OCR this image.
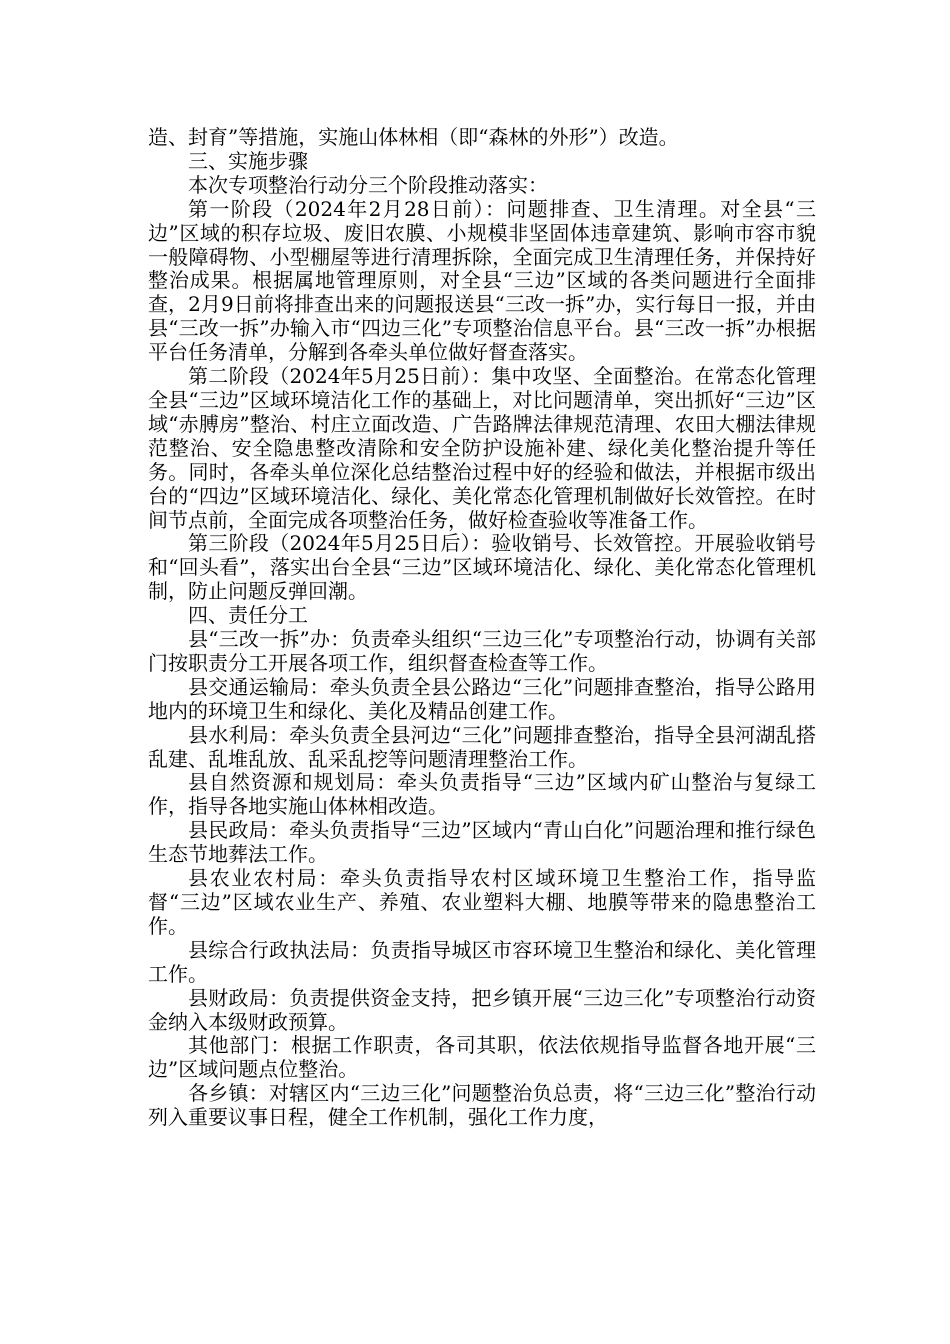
造、封育”等措施，实施山体林相（即“森林的外形”）改造。

三、实施步骤

本次专项整治行动分三个阶段推动落实：

第一阶段（2024年2月28日前）：问题排查、卫生清理。对全县“三边”区域的积存垃圾、废旧农膜、小规模非坚固体违章建筑、影响市容市貌一般障碍物、小型棚屋等进行清理拆除，全面完成卫生清理任务，并保持好整治成果。根据属地管理原则，对全县“三边”区域的各类问题进行全面排查，2月9日前将排查出来的问题报送县“三改一拆”办，实行每日一报，并由县“三改一拆”办输入市“四边三化”专项整治信息平台。县“三改一拆”办根据平台任务清单，分解到各牵头单位做好督查落实。

第二阶段（2024年5月25日前）：集中攻坚、全面整治。在常态化管理全县“三边”区域环境洁化工作的基础上，对比问题清单，突出抓好“三边”区域“赤膊房”整治、村庄立面改造、广告路牌法律规范清理、农田大棚法律规范整治、安全隐患整改清除和安全防护设施补建、绿化美化整治提升等任务。同时，各牵头单位深化总结整治过程中好的经验和做法，并根据市级出台的“四边”区域环境洁化、绿化、美化常态化管理机制做好长效管控。在时间节点前，全面完成各项整治任务，做好检查验收等准备工作。

第三阶段（2024年5月25日后）：验收销号、长效管控。开展验收销号和“回头看”，落实出台全县“三边”区域环境洁化、绿化、美化常态化管理机制，防止问题反弹回潮。

四、责任分工

县“三改一拆”办：负责牵头组织“三边三化”专项整治行动，协调有关部门按职责分工开展各项工作，组织督查检查等工作。

县交通运输局：牵头负责全县公路边“三化”问题排查整治，指导公路用地内的环境卫生和绿化、美化及精品创建工作。

县水利局：牵头负责全县河边“三化”问题排查整治，指导全县河湖乱搭乱建、乱堆乱放、乱采乱挖等问题清理整治工作。

县自然资源和规划局：牵头负责指导“三边”区域内矿山整治与复绿工作，指导各地实施山体林相改造。

县民政局：牵头负责指导“三边”区域内“青山白化”问题治理和推行绿色生态节地葬法工作。

县农业农村局：牵头负责指导农村区域环境卫生整治工作，指导监督“三边”区域农业生产、养殖、农业塑料大棚、地膜等带来的隐患整治工作。

县综合行政执法局：负责指导城区市容环境卫生整治和绿化、美化管理工作。

县财政局：负责提供资金支持，把乡镇开展“三边三化”专项整治行动资金纳入本级财政预算。

其他部门：根据工作职责，各司其职，依法依规指导监督各地开展“三边”区域问题点位整治。

各乡镇：对辖区内“三边三化”问题整治负总责，将“三边三化”整治行动列入重要议事日程，健全工作机制，强化工作力度，
